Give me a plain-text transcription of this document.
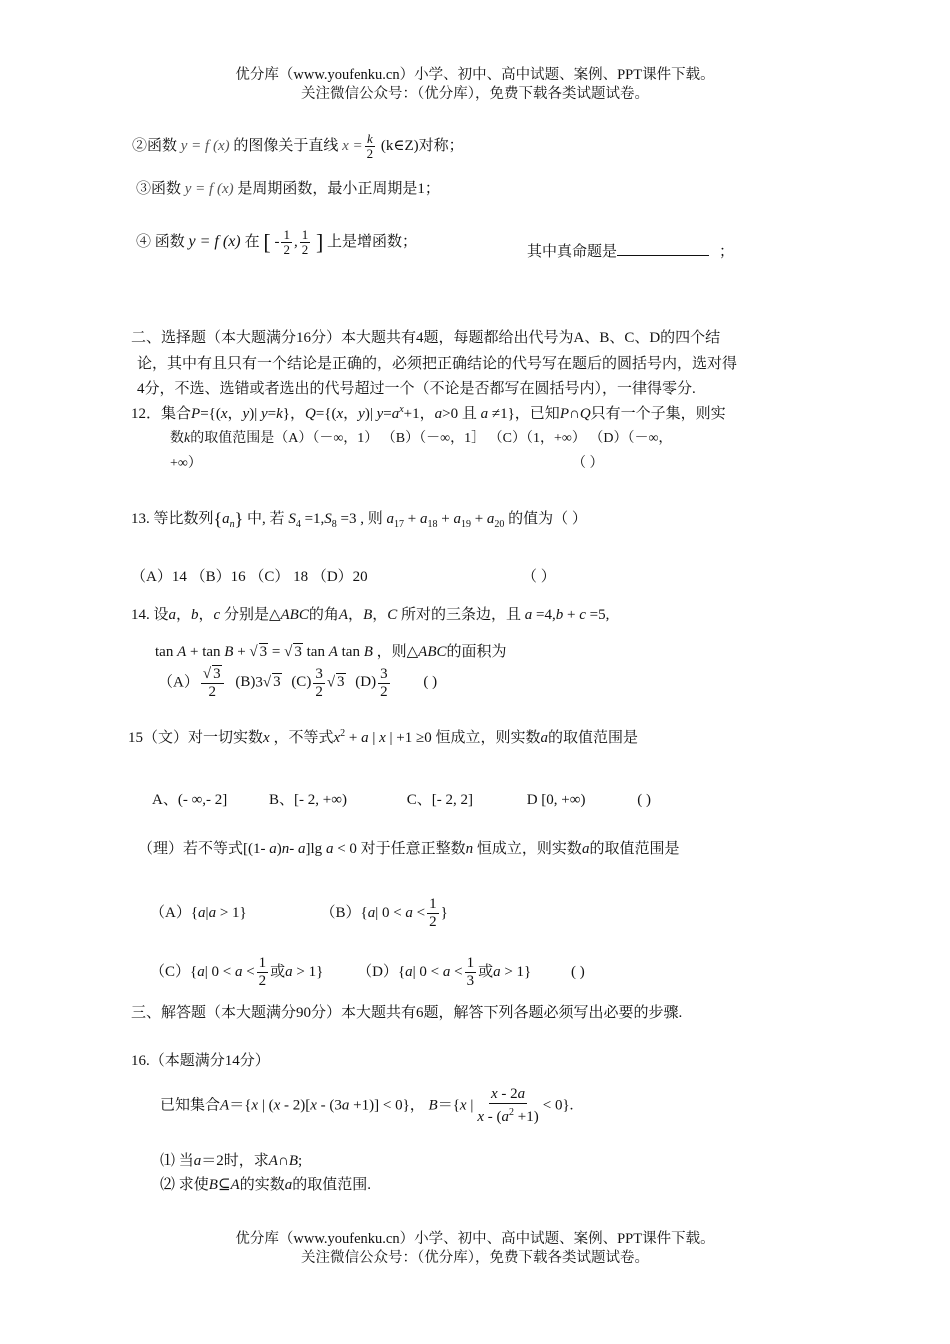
优分库（www.youfenku.cn）小学、初中、高中试题、案例、PPT课件下载。
关注微信公众号：（优分库），免费下载各类试题试卷。
②函数 y = f (x) 的图像关于直线 $x = \frac{k}{2}$ (k∈Z)对称；
③函数 y = f (x) 是周期函数，最小正周期是1；
④ 函数 y = f (x) 在 [ - $\frac{1}{2}$ , $\frac{1}{2}$ ] 上是增函数；
其中真命题是	；
二、选择题（本大题满分16分）本大题共有4题，每题都给出代号为A、B、C、D的四个结
论，其中有且只有一个结论是正确的，必须把正确结论的代号写在题后的圆括号内，选对得
4分，不选、选错或者选出的代号超过一个（不论是否都写在圆括号内），一律得零分.
12．集合P={(x，y)| y=k}，Q={(x，y)| $y=a^x+1$，a>0 且 a ≠1}，已知P∩Q只有一个子集，则实
数k的取值范围是（A）（－∞，1） （B）（－∞，1］ （C）（1，+∞） （D）（－∞，
+∞）	（ ）
13. 等比数列$\{a_n\}$ 中, 若 $S_4 =1,S_8 =3$ , 则 $a_{17} + a_{18} + a_{19} + a_{20}$ 的值为（ ）
（A）14 （B）16 （C） 18 （D）20	（ ）
14. 设a，b，c 分别是△ABC的角A，B，C 所对的三条边，且 a =4,b + c =5,
tan A + tan B + √ 3 = √ 3 tan A tan B ，则△ABC的面积为
$(A) \frac{√ 3}{2} (B)3√$ 3 $(C) \frac{3}{2}$ √ 3 $(D) \frac{3}{2}$ ( )
15（文）对一切实数x ，不等式$x^2 + a$ | x | +1 ≥0 恒成立，则实数a的取值范围是
A、(- ∞,- 2]	B、[- 2, +∞)	C、[- 2, 2]	D [0, +∞)	( )
（理）若不等式[(1- a)n- a]lg a < 0 对于任意正整数n 恒成立，则实数a的取值范围是
（A）{a|a > 1}	（B）{a| $0 < a < \frac{1}{2}$ }
（C）{a| $0 < a < \frac{1}{2}$ 或a > 1} （D）{a| $0 < a < \frac{1}{3}$ 或a > 1} ( )
三、解答题（本大题满分90分）本大题共有6题，解答下列各题必须写出必要的步骤.
16.（本题满分14分）
已知集合A＝{x | (x - 2)[x - (3a +1)] < 0}， B＝{x | $\frac{x - 2a}{x - (a^2 +1)} < 0$}.
⑴ 当a＝2时，求A∩B;
⑵ 求使B⊆A的实数a的取值范围.
优分库（www.youfenku.cn）小学、初中、高中试题、案例、PPT课件下载。
关注微信公众号：（优分库），免费下载各类试题试卷。
